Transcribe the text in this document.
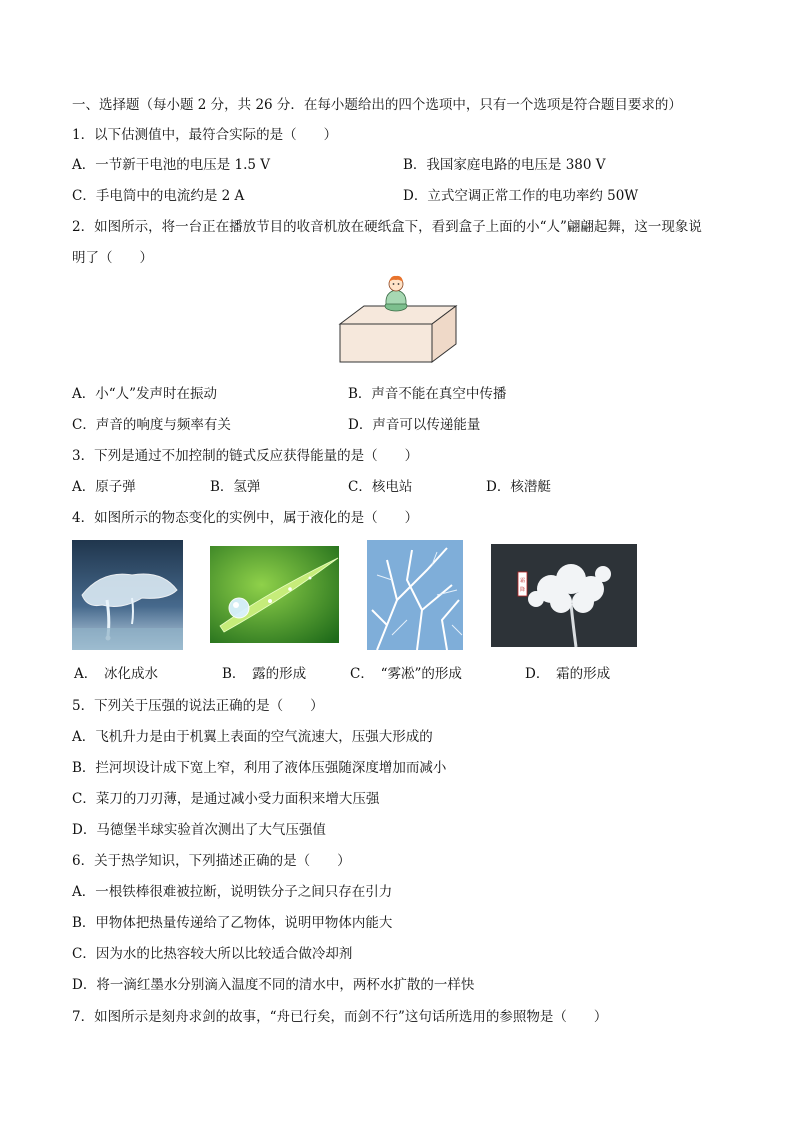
一、选择题（每小题 2 分，共 26 分．在每小题给出的四个选项中，只有一个选项是符合题目要求的）
1．以下估测值中，最符合实际的是（　　）
A．一节新干电池的电压是 1.5 V	B．我国家庭电路的电压是 380 V
C．手电筒中的电流约是 2 A	D．立式空调正常工作的电功率约 50W
2．如图所示，将一台正在播放节目的收音机放在硬纸盒下，看到盒子上面的小“人”翩翩起舞，这一现象说
明了（　　）
A．小“人”发声时在振动	B．声音不能在真空中传播
C．声音的响度与频率有关	D．声音可以传递能量
3．下列是通过不加控制的链式反应获得能量的是（　　）
A．原子弹	B．氢弹	C．核电站	D．核潜艇
4．如图所示的物态变化的实例中，属于液化的是（　　）
霜
降
A．　冰化成水	B．　露的形成	C．　“雾凇”的形成	D．　霜的形成
5．下列关于压强的说法正确的是（　　）
A．飞机升力是由于机翼上表面的空气流速大，压强大形成的
B．拦河坝设计成下宽上窄，利用了液体压强随深度增加而减小
C．菜刀的刀刃薄，是通过减小受力面积来增大压强
D．马德堡半球实验首次测出了大气压强值
6．关于热学知识，下列描述正确的是（　　）
A．一根铁棒很难被拉断，说明铁分子之间只存在引力
B．甲物体把热量传递给了乙物体，说明甲物体内能大
C．因为水的比热容较大所以比较适合做冷却剂
D．将一滴红墨水分别滴入温度不同的清水中，两杯水扩散的一样快
7．如图所示是刻舟求剑的故事，“舟已行矣，而剑不行”这句话所选用的参照物是（　　）
